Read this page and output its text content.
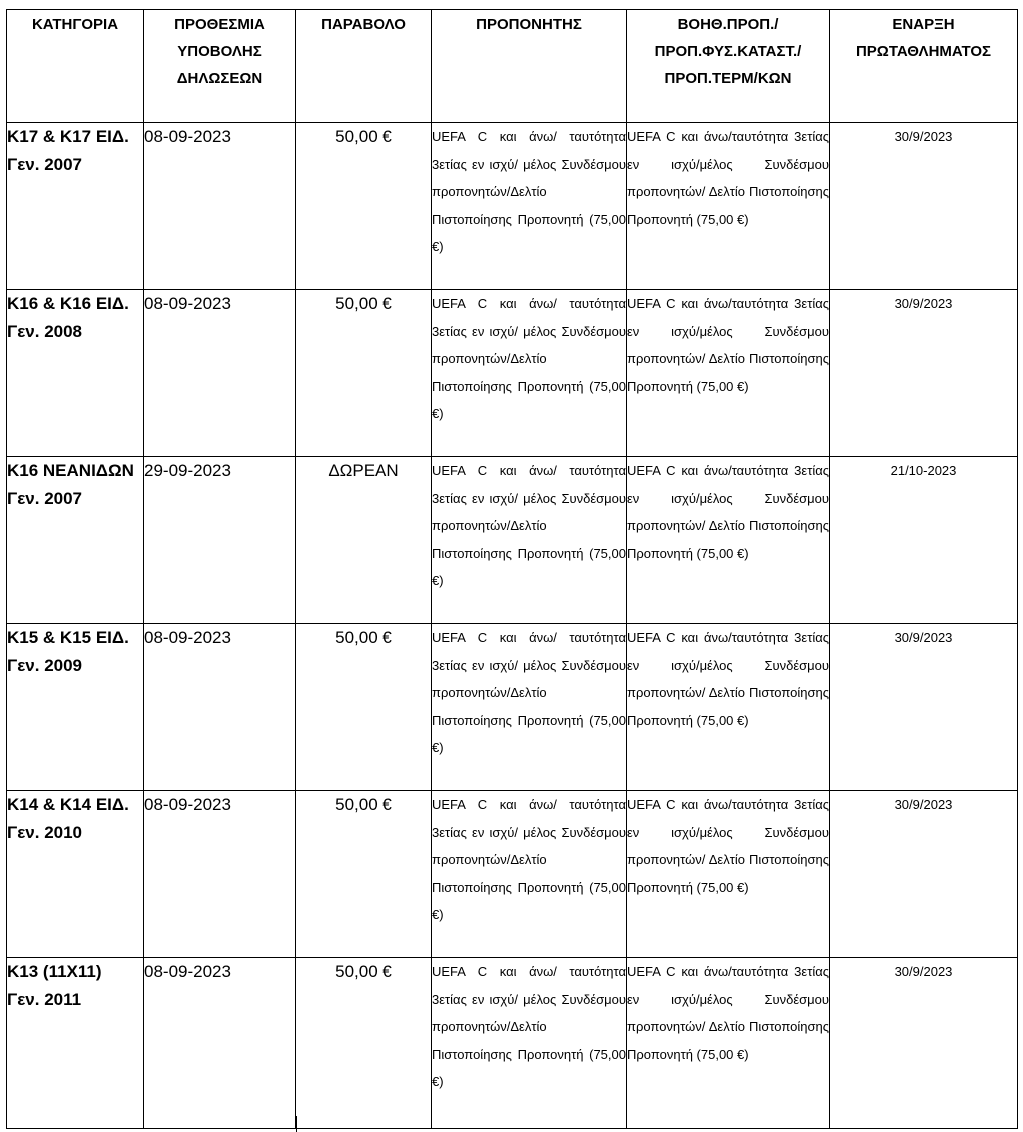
ΚΑΤΗΓΟΡΙΑ	ΠΡΟΘΕΣΜΙΑ
ΥΠΟΒΟΛΗΣ
ΔΗΛΩΣΕΩΝ	ΠΑΡΑΒΟΛΟ	ΠΡΟΠΟΝΗΤΗΣ	ΒΟΗΘ.ΠΡΟΠ./
ΠΡΟΠ.ΦΥΣ.ΚΑΤΑΣΤ./
ΠΡΟΠ.ΤΕΡΜ/ΚΩΝ	ΕΝΑΡΞΗ
ΠΡΩΤΑΘΛΗΜΑΤΟΣ
Κ17 & Κ17 ΕΙΔ.
Γεν. 2007	08-09-2023	50,00 €	UEFA C και άνω/ ταυτότητα 3ετίας εν ισχύ/ μέλος Συνδέσμου προπονητών/Δελτίο Πιστοποίησης Προπονητή (75,00 €)	UEFA C και άνω/ταυτότητα 3ετίας εν ισχύ/μέλος Συνδέσμου προπονητών/ Δελτίο Πιστοποίησης Προπονητή (75,00 €)	30/9/2023
Κ16 & Κ16 ΕΙΔ.
Γεν. 2008	08-09-2023	50,00 €	UEFA C και άνω/ ταυτότητα 3ετίας εν ισχύ/ μέλος Συνδέσμου προπονητών/Δελτίο Πιστοποίησης Προπονητή (75,00 €)	UEFA C και άνω/ταυτότητα 3ετίας εν ισχύ/μέλος Συνδέσμου προπονητών/ Δελτίο Πιστοποίησης Προπονητή (75,00 €)	30/9/2023
Κ16 ΝΕΑΝΙΔΩΝ
Γεν. 2007	29-09-2023	ΔΩΡΕΑΝ	UEFA C και άνω/ ταυτότητα 3ετίας εν ισχύ/ μέλος Συνδέσμου προπονητών/Δελτίο Πιστοποίησης Προπονητή (75,00 €)	UEFA C και άνω/ταυτότητα 3ετίας εν ισχύ/μέλος Συνδέσμου προπονητών/ Δελτίο Πιστοποίησης Προπονητή (75,00 €)	21/10-2023
Κ15 & Κ15 ΕΙΔ.
Γεν. 2009	08-09-2023	50,00 €	UEFA C και άνω/ ταυτότητα 3ετίας εν ισχύ/ μέλος Συνδέσμου προπονητών/Δελτίο Πιστοποίησης Προπονητή (75,00 €)	UEFA C και άνω/ταυτότητα 3ετίας εν ισχύ/μέλος Συνδέσμου προπονητών/ Δελτίο Πιστοποίησης Προπονητή (75,00 €)	30/9/2023
Κ14 & Κ14 ΕΙΔ.
Γεν. 2010	08-09-2023	50,00 €	UEFA C και άνω/ ταυτότητα 3ετίας εν ισχύ/ μέλος Συνδέσμου προπονητών/Δελτίο Πιστοποίησης Προπονητή (75,00 €)	UEFA C και άνω/ταυτότητα 3ετίας εν ισχύ/μέλος Συνδέσμου προπονητών/ Δελτίο Πιστοποίησης Προπονητή (75,00 €)	30/9/2023
Κ13 (11Χ11)
Γεν. 2011	08-09-2023	50,00 €	UEFA C και άνω/ ταυτότητα 3ετίας εν ισχύ/ μέλος Συνδέσμου προπονητών/Δελτίο Πιστοποίησης Προπονητή (75,00 €)	UEFA C και άνω/ταυτότητα 3ετίας εν ισχύ/μέλος Συνδέσμου προπονητών/ Δελτίο Πιστοποίησης Προπονητή (75,00 €)	30/9/2023
